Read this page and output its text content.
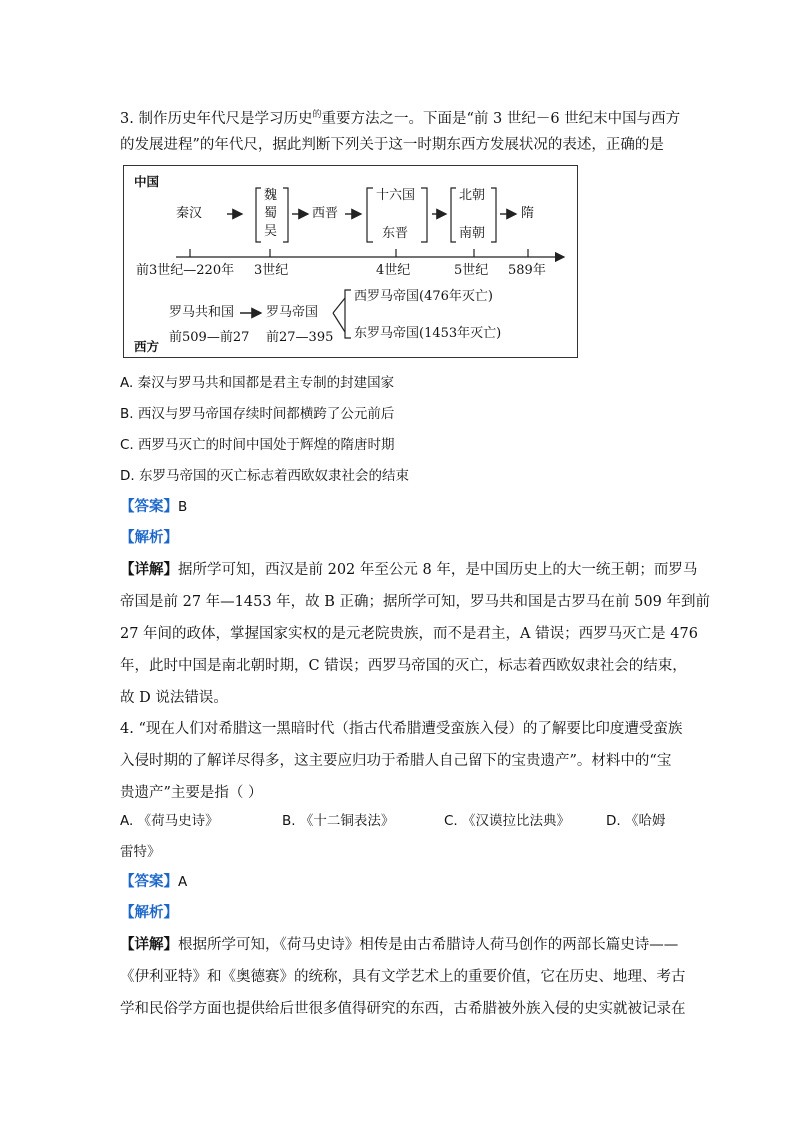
3. 制作历史年代尺是学习历史$^的$重要方法之一。下面是“前 3 世纪－6 世纪末中国与西方
的发展进程”的年代尺，据此判断下列关于这一时期东西方发展状况的表述，正确的是
中国
西方
秦汉
魏
蜀
吴
西晋
十六国
东晋
北朝
南朝
隋
前3世纪—220年 3世纪	4世纪	5世纪 589年
罗马共和国
前509—前27
罗马帝国
前27—395
西罗马帝国(476年灭亡)
东罗马帝国(1453年灭亡)
A. 秦汉与罗马共和国都是君主专制的封建国家
B. 西汉与罗马帝国存续时间都横跨了公元前后
C. 西罗马灭亡的时间中国处于辉煌的隋唐时期
D. 东罗马帝国的灭亡标志着西欧奴隶社会的结束
【答案】B
【解析】
【详解】据所学可知，西汉是前 202 年至公元 8 年，是中国历史上的大一统王朝；而罗马
帝国是前 27 年—1453 年，故 B 正确；据所学可知，罗马共和国是古罗马在前 509 年到前
27 年间的政体，掌握国家实权的是元老院贵族，而不是君主，A 错误；西罗马灭亡是 476
年，此时中国是南北朝时期，C 错误；西罗马帝国的灭亡，标志着西欧奴隶社会的结束，
故 D 说法错误。
4. “现在人们对希腊这一黑暗时代（指古代希腊遭受蛮族入侵）的了解要比印度遭受蛮族
入侵时期的了解详尽得多，这主要应归功于希腊人自己留下的宝贵遗产”。材料中的“宝
贵遗产”主要是指（ ）
A. 《荷马史诗》	B. 《十二铜表法》	C. 《汉谟拉比法典》	D. 《哈姆
雷特》
【答案】A
【解析】
【详解】根据所学可知，《荷马史诗》相传是由古希腊诗人荷马创作的两部长篇史诗——
《伊利亚特》和《奥德赛》的统称，具有文学艺术上的重要价值，它在历史、地理、考古
学和民俗学方面也提供给后世很多值得研究的东西，古希腊被外族入侵的史实就被记录在
